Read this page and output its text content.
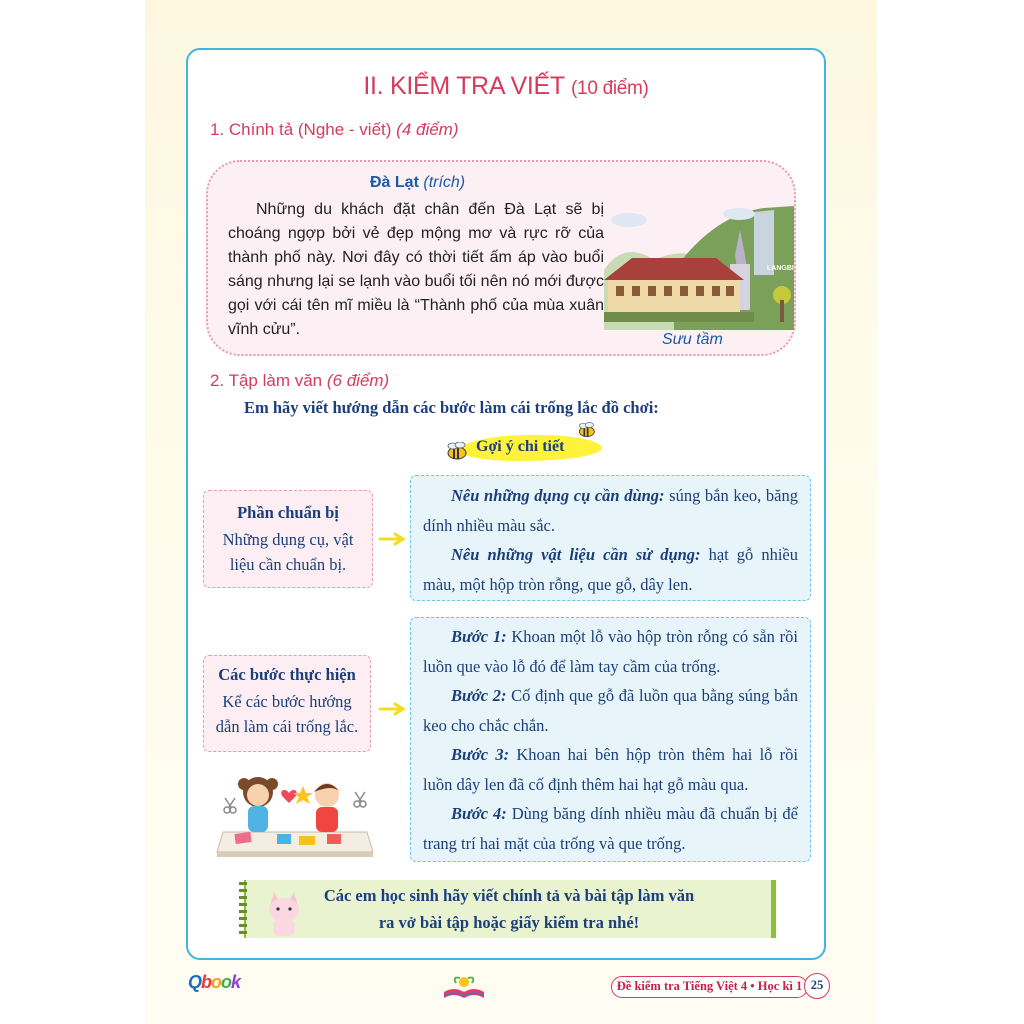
II. KIỂM TRA VIẾT (10 điểm)
1. Chính tả (Nghe - viết) (4 điểm)
Đà Lạt (trích)
Những du khách đặt chân đến Đà Lạt sẽ bị choáng ngợp bởi vẻ đẹp mộng mơ và rực rỡ của thành phố này. Nơi đây có thời tiết ấm áp vào buổi sáng nhưng lại se lạnh vào buổi tối nên nó mới được gọi với cái tên mĩ miều là “Thành phố của mùa xuân vĩnh cửu”.
LANGBI
Sưu tầm
2. Tập làm văn (6 điểm)
Em hãy viết hướng dẫn các bước làm cái trống lắc đồ chơi:
Gợi ý chi tiết
Phần chuẩn bị
Những dụng cụ, vật liệu cần chuẩn bị.

Nêu những dụng cụ cần dùng: súng bắn keo, băng dính nhiều màu sắc.

Nêu những vật liệu cần sử dụng: hạt gỗ nhiều màu, một hộp tròn rỗng, que gỗ, dây len.

Các bước thực hiện
Kể các bước hướng dẫn làm cái trống lắc.

Bước 1: Khoan một lỗ vào hộp tròn rỗng có sẵn rồi luồn que vào lỗ đó để làm tay cầm của trống.

Bước 2: Cố định que gỗ đã luồn qua bằng súng bắn keo cho chắc chắn.

Bước 3: Khoan hai bên hộp tròn thêm hai lỗ rồi luồn dây len đã cố định thêm hai hạt gỗ màu qua.

Bước 4: Dùng băng dính nhiều màu đã chuẩn bị để trang trí hai mặt của trống và que trống.

Các em học sinh hãy viết chính tả và bài tập làm văn
ra vở bài tập hoặc giấy kiểm tra nhé!
Qbook	Đề kiểm tra Tiếng Việt 4 • Học kì 1 25
